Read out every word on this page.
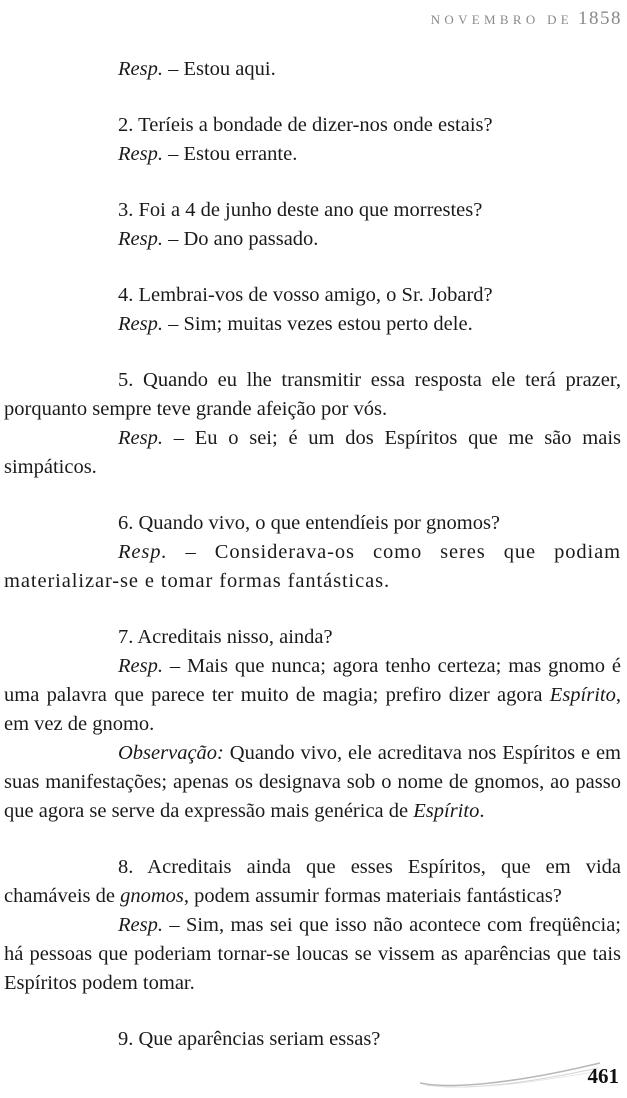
NOVEMBRO DE 1858

Resp. – Estou aqui.

2. Teríeis a bondade de dizer-nos onde estais?

Resp. – Estou errante.

3. Foi a 4 de junho deste ano que morrestes?

Resp. – Do ano passado.

4. Lembrai-vos de vosso amigo, o Sr. Jobard?

Resp. – Sim; muitas vezes estou perto dele.

5. Quando eu lhe transmitir essa resposta ele terá prazer, porquanto sempre teve grande afeição por vós.

Resp. – Eu o sei; é um dos Espíritos que me são mais simpáticos.

6. Quando vivo, o que entendíeis por gnomos?

Resp. – Considerava-os como seres que podiam materializar-se e tomar formas fantásticas.

7. Acreditais nisso, ainda?

Resp. – Mais que nunca; agora tenho certeza; mas gnomo é uma palavra que parece ter muito de magia; prefiro dizer agora Espírito, em vez de gnomo.

Observação: Quando vivo, ele acreditava nos Espíritos e em suas manifestações; apenas os designava sob o nome de gnomos, ao passo que agora se serve da expressão mais genérica de Espírito.

8. Acreditais ainda que esses Espíritos, que em vida chamáveis de gnomos, podem assumir formas materiais fantásticas?

Resp. – Sim, mas sei que isso não acontece com freqüência; há pessoas que poderiam tornar-se loucas se vissem as aparências que tais Espíritos podem tomar.

9. Que aparências seriam essas?

461
